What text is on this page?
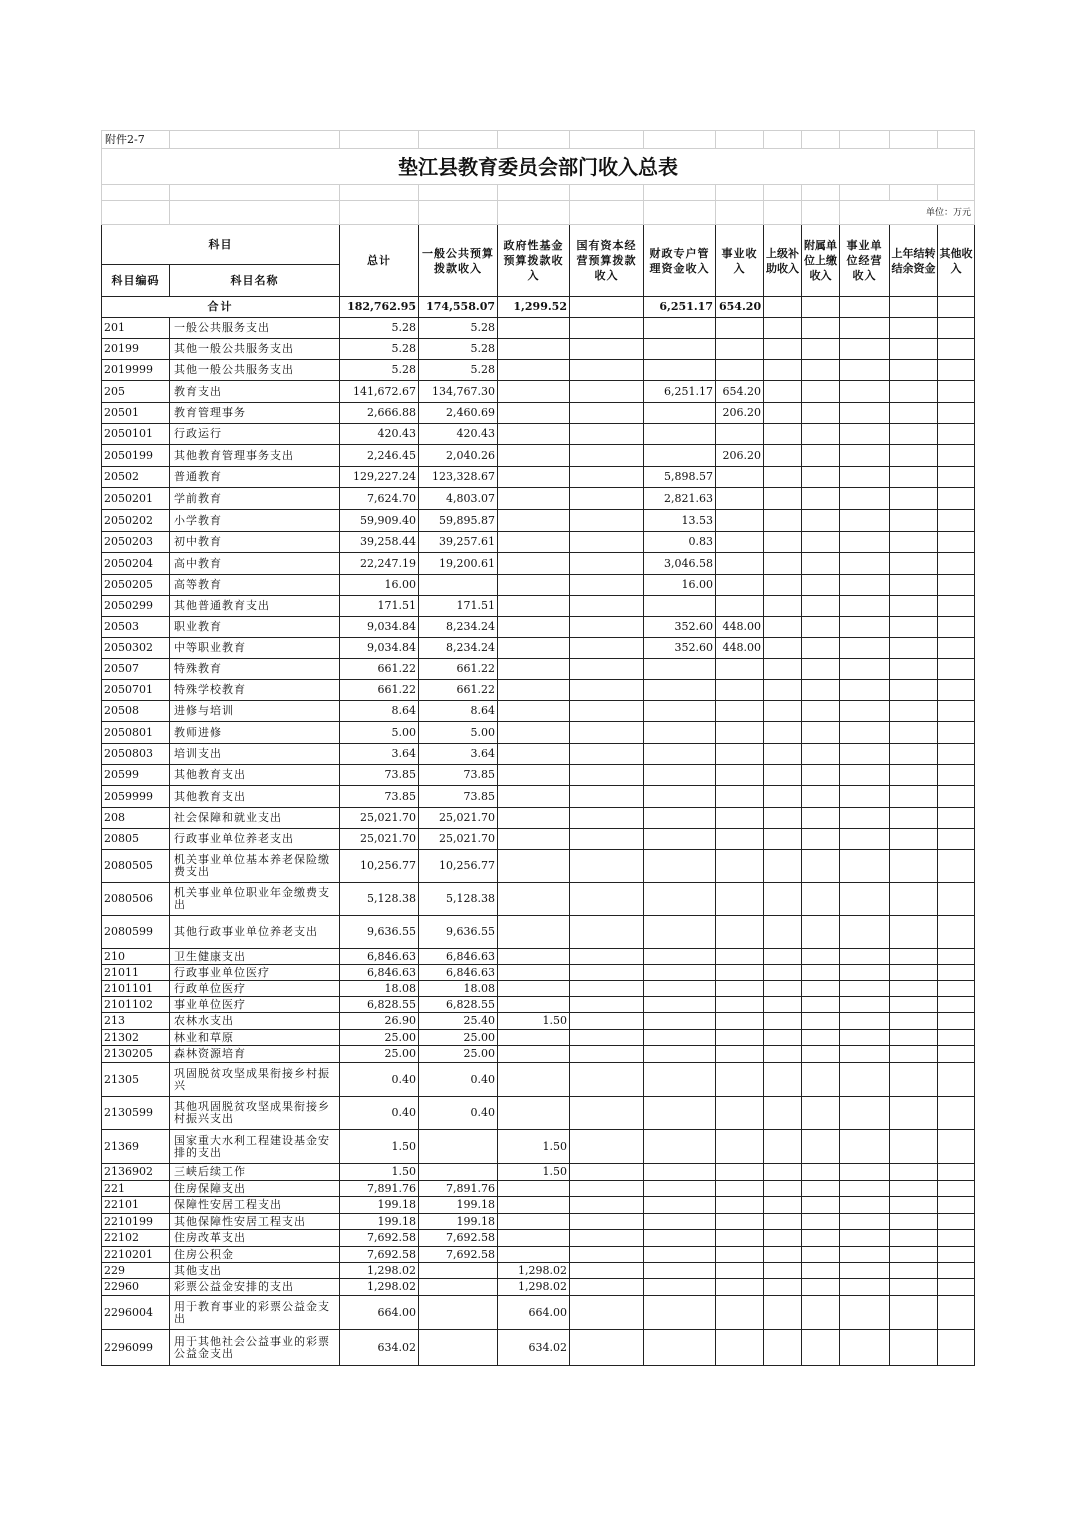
附件2-7												
垫江县教育委员会部门收入总表												

										单位：万元		
科目		总计	一般公共预算拨款收入	政府性基金预算拨款收入	国有资本经营预算拨款收入	财政专户管理资金收入	事业收入	上级补助收入	附属单位上缴收入	事业单位经营收入	上年结转结余资金	其他收入
科目编码	科目名称											
合计		182,762.95	174,558.07	1,299.52		6,251.17	654.20					
201	一般公共服务支出	5.28	5.28									
20199	其他一般公共服务支出	5.28	5.28									
2019999	其他一般公共服务支出	5.28	5.28									
205	教育支出	141,672.67	134,767.30			6,251.17	654.20					
20501	教育管理事务	2,666.88	2,460.69				206.20					
2050101	行政运行	420.43	420.43									
2050199	其他教育管理事务支出	2,246.45	2,040.26				206.20					
20502	普通教育	129,227.24	123,328.67			5,898.57						
2050201	学前教育	7,624.70	4,803.07			2,821.63						
2050202	小学教育	59,909.40	59,895.87			13.53						
2050203	初中教育	39,258.44	39,257.61			0.83						
2050204	高中教育	22,247.19	19,200.61			3,046.58						
2050205	高等教育	16.00				16.00						
2050299	其他普通教育支出	171.51	171.51									
20503	职业教育	9,034.84	8,234.24			352.60	448.00					
2050302	中等职业教育	9,034.84	8,234.24			352.60	448.00					
20507	特殊教育	661.22	661.22									
2050701	特殊学校教育	661.22	661.22									
20508	进修与培训	8.64	8.64									
2050801	教师进修	5.00	5.00									
2050803	培训支出	3.64	3.64									
20599	其他教育支出	73.85	73.85									
2059999	其他教育支出	73.85	73.85									
208	社会保障和就业支出	25,021.70	25,021.70									
20805	行政事业单位养老支出	25,021.70	25,021.70									
2080505	机关事业单位基本养老保险缴费支出	10,256.77	10,256.77									
2080506	机关事业单位职业年金缴费支出	5,128.38	5,128.38									
2080599	其他行政事业单位养老支出	9,636.55	9,636.55									
210	卫生健康支出	6,846.63	6,846.63									
21011	行政事业单位医疗	6,846.63	6,846.63									
2101101	行政单位医疗	18.08	18.08									
2101102	事业单位医疗	6,828.55	6,828.55									
213	农林水支出	26.90	25.40	1.50								
21302	林业和草原	25.00	25.00									
2130205	森林资源培育	25.00	25.00									
21305	巩固脱贫攻坚成果衔接乡村振兴	0.40	0.40									
2130599	其他巩固脱贫攻坚成果衔接乡村振兴支出	0.40	0.40									
21369	国家重大水利工程建设基金安排的支出	1.50		1.50								
2136902	三峡后续工作	1.50		1.50								
221	住房保障支出	7,891.76	7,891.76									
22101	保障性安居工程支出	199.18	199.18									
2210199	其他保障性安居工程支出	199.18	199.18									
22102	住房改革支出	7,692.58	7,692.58									
2210201	住房公积金	7,692.58	7,692.58									
229	其他支出	1,298.02		1,298.02								
22960	彩票公益金安排的支出	1,298.02		1,298.02								
2296004	用于教育事业的彩票公益金支出	664.00		664.00								
2296099	用于其他社会公益事业的彩票公益金支出	634.02		634.02								
